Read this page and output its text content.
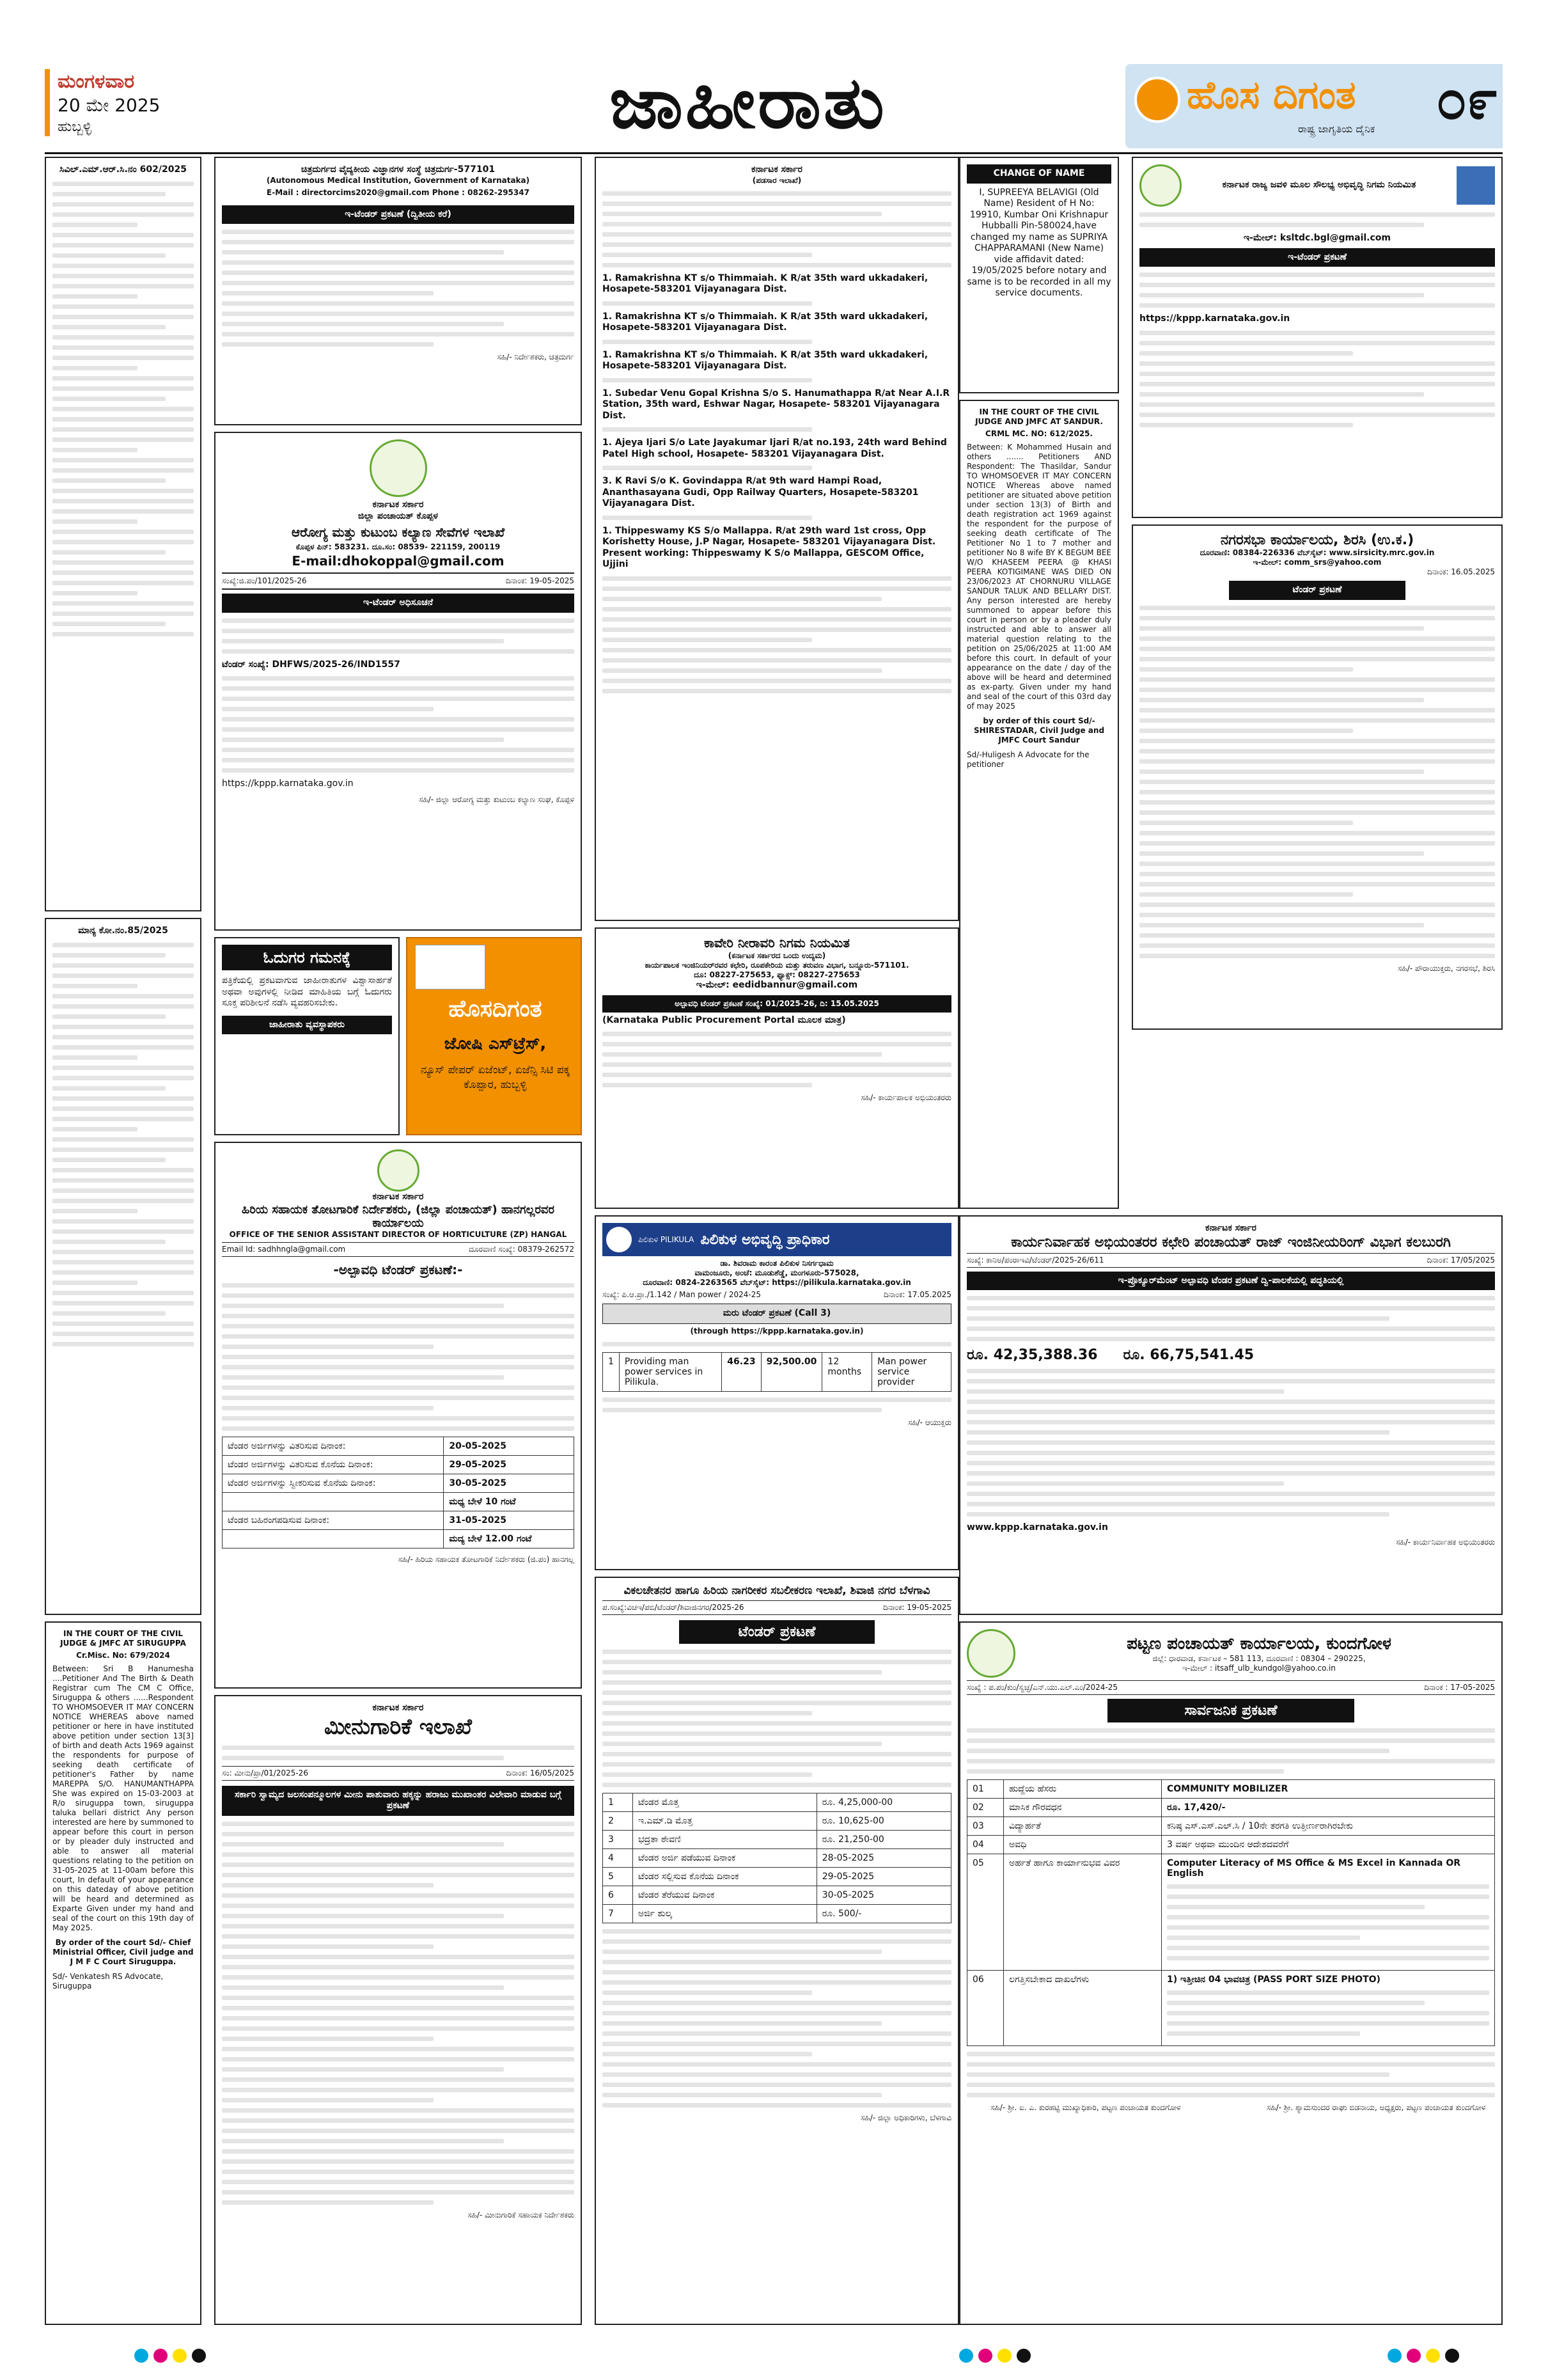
ಮಂಗಳವಾರ
20 ಮೇ 2025
ಹುಬ್ಬಳ್ಳಿ	ಜಾಹೀರಾತು	ಹೊಸ ದಿಗಂತ
ರಾಷ್ಟ್ರ ಜಾಗೃತಿಯ ದೈನಿಕ ೦೯
ಸಿವಿಲ್.ಎಮ್.ಆರ್.ಸಿ.ನಂ 602/2025
ಮಾನ್ಯ ಕೋ.ನಂ.85/2025
IN THE COURT OF THE CIVIL JUDGE & JMFC AT SIRUGUPPA
Cr.Misc. No: 679/2024
Between: Sri B Hanumesha ....Petitioner And The Birth & Death Registrar cum The CM C Office, Siruguppa & others ......Respondent TO WHOMSOEVER IT MAY CONCERN NOTICE WHEREAS above named petitioner or here in have instituted above petition under section 13[3] of birth and death Acts 1969 against the respondents for purpose of seeking death certificate of petitioner's Father by name MAREPPA S/O. HANUMANTHAPPA She was expired on 15-03-2003 at R/o siruguppa town, siruguppa taluka bellari district Any person interested are here by summoned to appear before this court in person or by pleader duly instructed and able to answer all material questions relating to the petition on 31-05-2025 at 11-00am before this court, In default of your appearance on this dateday of above petition will be heard and determined as Exparte Given under my hand and seal of the court on this 19th day of May 2025.
By order of the court Sd/- Chief Ministrial Officer, Civil judge and J M F C Court Siruguppa.
Sd/- Venkatesh RS Advocate, Siruguppa
ಚಿತ್ರದುರ್ಗದ ವೈದ್ಯಕೀಯ ವಿಜ್ಞಾನಗಳ ಸಂಸ್ಥೆ ಚಿತ್ರದುರ್ಗ-577101
(Autonomous Medical Institution, Government of Karnataka)
E-Mail : directorcims2020@gmail.com Phone : 08262-295347
ಇ-ಟೆಂಡರ್ ಪ್ರಕಟಣೆ (ದ್ವಿತೀಯ ಕರೆ)
ಸಹಿ/- ನಿರ್ದೇಶಕರು, ಚಿತ್ರದುರ್ಗ
ಕರ್ನಾಟಕ ಸರ್ಕಾರ
ಜಿಲ್ಲಾ ಪಂಚಾಯತ್ ಕೊಪ್ಪಳ
ಆರೋಗ್ಯ ಮತ್ತು ಕುಟುಂಬ ಕಲ್ಯಾಣ ಸೇವೆಗಳ ಇಲಾಖೆ
ಕೊಪ್ಪಳ ಪಿನ್: 583231. ದೂ.ಸಂ: 08539- 221159, 200119
E-mail:dhokoppal@gmail.com
ಸಂಖ್ಯೆ:ಜಿ.ಪಂ/101/2025-26	ದಿನಾಂಕ: 19-05-2025
ಇ-ಟೆಂಡರ್ ಅಧಿಸೂಚನೆ
ಟೆಂಡರ್ ಸಂಖ್ಯೆ: DHFWS/2025-26/IND1557
https://kppp.karnataka.gov.in
ಸಹಿ/- ಜಿಲ್ಲಾ ಆರೋಗ್ಯ ಮತ್ತು ಕುಟುಂಬ ಕಲ್ಯಾಣ ಸಂಘ, ಕೊಪ್ಪಳ
ಓದುಗರ ಗಮನಕ್ಕೆ
ಪತ್ರಿಕೆಯಲ್ಲಿ ಪ್ರಕಟವಾಗುವ ಜಾಹೀರಾತುಗಳ ವಿಶ್ವಾಸಾರ್ಹತೆ ಅಥವಾ ಅವುಗಳಲ್ಲಿ ನೀಡಿದ ಮಾಹಿತಿಯ ಬಗ್ಗೆ ಓದುಗರು ಸೂಕ್ತ ಪರಿಶೀಲನೆ ನಡೆಸಿ ವ್ಯವಹರಿಸಬೇಕು.
ಜಾಹೀರಾತು ವ್ಯವಸ್ಥಾಪಕರು
ಹೊಸದಿಗಂತ
ಜೋಷಿ ಎಸ್‌ಟ್ರೆಸ್,
ನ್ಯೂಸ್ ಪೇಪರ್ ಏಜೆಂಟ್, ಏಜೆನ್ಸಿ ಸಿಟಿ ಪಕ್ಕ ಕೊಪ್ಪಾರ, ಹುಬ್ಬಳ್ಳಿ
ಕರ್ನಾಟಕ ಸರ್ಕಾರ
ಹಿರಿಯ ಸಹಾಯಕ ತೋಟಗಾರಿಕೆ ನಿರ್ದೇಶಕರು, (ಜಿಲ್ಲಾ ಪಂಚಾಯತ್) ಹಾನಗಲ್ಲರವರ ಕಾರ್ಯಾಲಯ
OFFICE OF THE SENIOR ASSISTANT DIRECTOR OF HORTICULTURE (ZP) HANGAL
Email Id: sadhhngla@gmail.com	ದೂರವಾಣಿ ಸಂಖ್ಯೆ: 08379-262572
-ಅಲ್ಪಾವಧಿ ಟೆಂಡರ್ ಪ್ರಕಟಣೆ:-
ಟೆಂಡರ ಅರ್ಜಿಗಳನ್ನು ವಿತರಿಸುವ ದಿನಾಂಕ:	20-05-2025
ಟೆಂಡರ ಅರ್ಜಿಗಳನ್ನು ವಿತರಿಸುವ ಕೊನೆಯ ದಿನಾಂಕ:	29-05-2025
ಟೆಂಡರ ಅರ್ಜಿಗಳನ್ನು ಸ್ವೀಕರಿಸುವ ಕೊನೆಯ ದಿನಾಂಕ:	30-05-2025
	ಮಧ್ಯ ಬೇಳೆ 10 ಗಂಟೆ
ಟೆಂಡರ ಬಹಿರಂಗಪಡಿಸುವ ದಿನಾಂಕ:	31-05-2025
	ಮದ್ಯ ಬೇಳೆ 12.00 ಗಂಟೆ
ಸಹಿ/- ಹಿರಿಯ ಸಹಾಯಕ ತೋಟಗಾರಿಕೆ ನಿರ್ದೇಶಕರು (ಜಿ.ಪಂ) ಹಾನಗಲ್ಲ
ಕರ್ನಾಟಕ ಸರ್ಕಾರ
ಮೀನುಗಾರಿಕೆ ಇಲಾಖೆ
ಸಂ: ಮೀನು/ಪ್ರಾ/01/2025-26	ದಿನಾಂಕ: 16/05/2025
ಸರ್ಕಾರಿ ಸ್ವಾಮ್ಯದ ಜಲಸಂಪನ್ಮೂಲಗಳ ಮೀನು ಪಾಶುವಾರು ಹಕ್ಕನ್ನು ಹರಾಜು ಮುಖಾಂತರ ವಿಲೇವಾರಿ ಮಾಡುವ ಬಗ್ಗೆ ಪ್ರಕಟಣೆ
ಸಹಿ/- ಮೀನುಗಾರಿಕೆ ಸಹಾಯಕ ನಿರ್ದೇಶಕರು
ಕರ್ನಾಟಕ ಸರ್ಕಾರ
(ಪಡಸಾರ ಇಲಾಖೆ)
1. Ramakrishna KT s/o Thimmaiah. K R/at 35th ward ukkadakeri, Hosapete-583201 Vijayanagara Dist.
1. Ramakrishna KT s/o Thimmaiah. K R/at 35th ward ukkadakeri, Hosapete-583201 Vijayanagara Dist.
1. Ramakrishna KT s/o Thimmaiah. K R/at 35th ward ukkadakeri, Hosapete-583201 Vijayanagara Dist.
1. Subedar Venu Gopal Krishna S/o S. Hanumathappa R/at Near A.I.R Station, 35th ward, Eshwar Nagar, Hosapete- 583201 Vijayanagara Dist.
1. Ajeya Ijari S/o Late Jayakumar Ijari R/at no.193, 24th ward Behind Patel High school, Hosapete- 583201 Vijayanagara Dist.
3. K Ravi S/o K. Govindappa R/at 9th ward Hampi Road, Ananthasayana Gudi, Opp Railway Quarters, Hosapete-583201 Vijayanagara Dist.
1. Thippeswamy KS S/o Mallappa. R/at 29th ward 1st cross, Opp Korishetty House, J.P Nagar, Hosapete- 583201 Vijayanagara Dist. Present working: Thippeswamy K S/o Mallappa, GESCOM Office, Ujjini
ಕಾವೇರಿ ನೀರಾವರಿ ನಿಗಮ ನಿಯಮಿತ
(ಕರ್ನಾಟಕ ಸರ್ಕಾರದ ಒಂದು ಉದ್ಯಮ)
ಕಾರ್ಯಪಾಲಕ ಇಂಜಿನಿಯರ್‌ರವರ ಕಛೇರಿ, ರೂಪಕೇರಿಯ ಮತ್ತು ತರುವಣ ವಿಭಾಗ, ಬನ್ನೂರು-571101.
ದೂ: 08227-275653, ಫ್ಯಾಕ್ಸ್: 08227-275653
ಇ-ಮೇಲ್: eedidbannur@gmail.com
ಅಲ್ಪಾವಧಿ ಟೆಂಡರ್ ಪ್ರಕಟಣೆ ಸಂಖ್ಯೆ: 01/2025-26, ದಿ: 15.05.2025
(Karnataka Public Procurement Portal ಮೂಲಕ ಮಾತ್ರ)
ಸಹಿ/- ಕಾರ್ಯಪಾಲಕ ಅಭಿಯಂತರರು
ಪಿಲಿಕುಳ PILIKULA ಪಿಲಿಕುಳ ಅಭಿವೃದ್ಧಿ ಪ್ರಾಧಿಕಾರ
ಡಾ. ಶಿವರಾಮ ಕಾರಂತ ಪಿಲಿಕುಳ ನಿಸರ್ಗಧಾಮ
ವಾಮಂಜೂರು, ಅಂಚೆ: ಮೂಡುಶೆಡ್ಡೆ, ಮಂಗಳೂರು-575028,
ದೂರವಾಣಿ: 0824-2263565 ವೆಬ್‌ಸೈಟ್: https://pilikula.karnataka.gov.in
ಸಂಖ್ಯೆ: ಪಿ.ಆ.ಪ್ರಾ./1.142 / Man power / 2024-25	ದಿನಾಂಕ: 17.05.2025
ಮರು ಟೆಂಡರ್ ಪ್ರಕಟಣೆ (Call 3)
(through https://kppp.karnataka.gov.in)
1	Providing man power services in Pilikula.	46.23	92,500.00	12 months	Man power service provider
ಸಹಿ/- ಆಯುಕ್ತರು
ವಿಕಲಚೇತನರ ಹಾಗೂ ಹಿರಿಯ ನಾಗರೀಕರ ಸಬಲೀಕರಣ ಇಲಾಖೆ, ಶಿವಾಜಿ ನಗರ ಬೆಳಗಾವಿ
ಪ.ಸಂಖ್ಯೆ:ವಿಚಇ/ಪಬಿ/ಟೆಂಡರ್/ಶಿವಾಜಿನಗರ/2025-26	ದಿನಾಂಕ: 19-05-2025
ಟೆಂಡರ್ ಪ್ರಕಟಣೆ
1	ಟೆಂಡರ ಮೊತ್ತ	ರೂ. 4,25,000-00
2	ಇ.ಎಮ್.ಡಿ ಮೊತ್ತ	ರೂ. 10,625-00
3	ಭದ್ರತಾ ಠೇವಣಿ	ರೂ. 21,250-00
4	ಟೆಂಡರ ಅರ್ಜಿ ಪಡೆಯುವ ದಿನಾಂಕ	28-05-2025
5	ಟೆಂಡರ ಸಲ್ಲಿಸುವ ಕೊನೆಯ ದಿನಾಂಕ	29-05-2025
6	ಟೆಂಡರ ತೆರೆಯುವ ದಿನಾಂಕ	30-05-2025
7	ಅರ್ಜಿ ಶುಲ್ಕ	ರೂ. 500/-
ಸಹಿ/- ಜಿಲ್ಲಾ ಅಧಿಕಾರಿಗಳು, ಬೆಳಗಾವಿ
CHANGE OF NAME
I, SUPREEYA BELAVIGI (Old Name) Resident of H No: 19910, Kumbar Oni Krishnapur Hubballi Pin-580024,have changed my name as SUPRIYA CHAPPARAMANI (New Name) vide affidavit dated: 19/05/2025 before notary and same is to be recorded in all my service documents.
IN THE COURT OF THE CIVIL JUDGE AND JMFC AT SANDUR.
CRML MC. NO: 612/2025.
Between: K Mohammed Husain and others ....... Petitioners AND Respondent: The Thasildar, Sandur TO WHOMSOEVER IT MAY CONCERN NOTICE Whereas above named petitioner are situated above petition under section 13(3) of Birth and death registration act 1969 against the respondent for the purpose of seeking death certificate of The Petitioner No 1 to 7 mother and petitioner No 8 wife BY K BEGUM BEE W/O KHASEEM PEERA @ KHASI PEERA KOTIGIMANE WAS DIED ON 23/06/2023 AT CHORNURU VILLAGE SANDUR TALUK AND BELLARY DIST. Any person interested are hereby summoned to appear before this court in person or by a pleader duly instructed and able to answer all material question relating to the petition on 25/06/2025 at 11:00 AM before this court. In default of your appearance on the date / day of the above will be heard and determined as ex-party. Given under my hand and seal of the court of this 03rd day of may 2025
by order of this court Sd/-SHIRESTADAR, Civil Judge and JMFC Court Sandur
Sd/-Huligesh A Advocate for the petitioner
ಕರ್ನಾಟಕ ರಾಜ್ಯ ಜವಳಿ ಮೂಲ ಸೌಲಭ್ಯ ಅಭಿವೃದ್ಧಿ ನಿಗಮ ನಿಯಮಿತ
ಇ-ಮೇಲ್: ksltdc.bgl@gmail.com
ಇ-ಟೆಂಡರ್ ಪ್ರಕಟಣೆ
https://kppp.karnataka.gov.in
ನಗರಸಭಾ ಕಾರ್ಯಾಲಯ, ಶಿರಸಿ (ಉ.ಕ.)
ದೂರವಾಣಿ: 08384-226336 ವೆಬ್‌ಸೈಟ್: www.sirsicity.mrc.gov.in
ಇ-ಮೇಲ್: comm_srs@yahoo.com
ದಿನಾಂಕ: 16.05.2025
ಟೆಂಡರ್ ಪ್ರಕಟಣೆ
ಸಹಿ/- ಪೌರಾಯುಕ್ತರು, ನಗರಸಭೆ, ಶಿರಸಿ
ಕರ್ನಾಟಕ ಸರ್ಕಾರ
ಕಾರ್ಯನಿರ್ವಾಹಕ ಅಭಿಯಂತರರ ಕಛೇರಿ ಪಂಚಾಯತ್ ರಾಜ್ ಇಂಜಿನೀಯರಿಂಗ್ ವಿಭಾಗ ಕಲಬುರಗಿ
ಸಂಖ್ಯೆ: ಕಾನಿಅ/ಪಂರಾಇವಿ/ಟೆಂಡರ್/2025-26/611	ದಿನಾಂಕ: 17/05/2025
ಇ-ಪ್ರೊಕ್ಯೂರ್‌ಮೆಂಟ್ ಅಲ್ಪಾವಧಿ ಟೆಂಡರ ಪ್ರಕಟಣೆ ದ್ವಿ-ಪಾಲಕೆಯಲ್ಲಿ ಪದ್ಧತಿಯಲ್ಲಿ
ರೂ. 42,35,388.36 ರೂ. 66,75,541.45
www.kppp.karnataka.gov.in
ಸಹಿ/- ಕಾರ್ಯನಿರ್ವಾಹಕ ಅಭಿಯಂತರರು
ಪಟ್ಟಣ ಪಂಚಾಯತ್ ಕಾರ್ಯಾಲಯ, ಕುಂದಗೋಳ
ಜಿಲ್ಲೆ: ಧಾರವಾಡ, ಕರ್ನಾಟಕ – 581 113, ದೂರವಾಣಿ : 08304 – 290225,
ಇ-ಮೇಲ್ : itsaff_ulb_kundgol@yahoo.co.in
ಸಂಖ್ಯೆ : ಪ.ಪಂ/ಕುಂ/ಸ್ವಚ್ಛ/ಎನ್.ಯು.ಎಲ್.ಎಂ/2024-25	ದಿನಾಂಕ : 17-05-2025
ಸಾರ್ವಜನಿಕ ಪ್ರಕಟಣೆ
01	ಹುದ್ದೆಯ ಹೆಸರು	COMMUNITY MOBILIZER
02	ಮಾಸಿಕ ಗೌರವಧನ	ರೂ. 17,420/-
03	ವಿದ್ಯಾರ್ಹತೆ	ಕನಿಷ್ಠ ಎಸ್.ಎಸ್.ಎಲ್.ಸಿ / 10ನೇ ತರಗತಿ ಉತ್ತೀರ್ಣರಾಗಿರಬೇಕು
04	ಅವಧಿ	3 ವರ್ಷ ಅಥವಾ ಮುಂದಿನ ಆದೇಶದವರೆಗೆ
05	ಅರ್ಹತೆ ಹಾಗೂ ಕಾರ್ಯಾನುಭವ ವಿವರ	Computer Literacy of MS Office & MS Excel in Kannada OR English

06	ಲಗತ್ತಿಸಬೇಕಾದ ದಾಖಲೆಗಳು	1) ಇತ್ತೀಚಿನ 04 ಭಾವಚಿತ್ರ (PASS PORT SIZE PHOTO)
ಸಹಿ/- ಶ್ರೀ. ಐ. ಎ. ಕುರಹಟ್ಟಿ ಮುಖ್ಯಾಧಿಕಾರಿ, ಪಟ್ಟಣ ಪಂಚಾಯತ ಕುಂದಗೋಳ	ಸಹಿ/- ಶ್ರೀ. ಶ್ಯಾಮಸುಂದರ ರಾಘು ಬಿಡನಾಯ, ಅಧ್ಯಕ್ಷರು, ಪಟ್ಟಣ ಪಂಚಾಯತ ಕುಂದಗೋಳ
